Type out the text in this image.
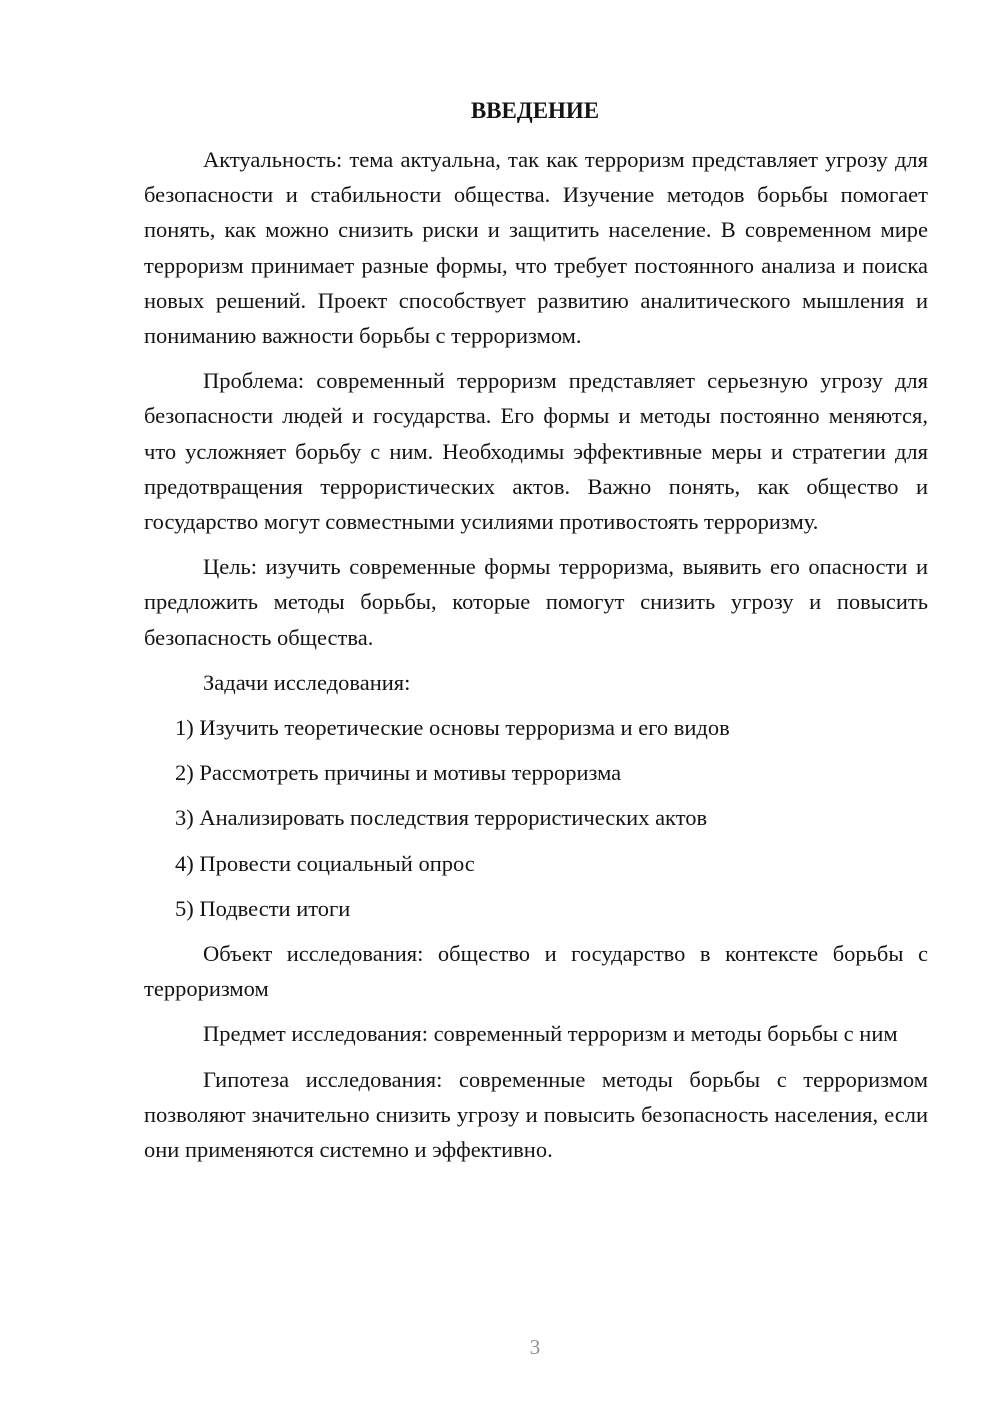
ВВЕДЕНИЕ

Актуальность: тема актуальна, так как терроризм представляет угрозу для безопасности и стабильности общества. Изучение методов борьбы помогает понять, как можно снизить риски и защитить население. В современном мире терроризм принимает разные формы, что требует постоянного анализа и поиска новых решений. Проект способствует развитию аналитического мышления и пониманию важности борьбы с терроризмом.

Проблема: современный терроризм представляет серьезную угрозу для безопасности людей и государства. Его формы и методы постоянно меняются, что усложняет борьбу с ним. Необходимы эффективные меры и стратегии для предотвращения террористических актов. Важно понять, как общество и государство могут совместными усилиями противостоять терроризму.

Цель: изучить современные формы терроризма, выявить его опасности и предложить методы борьбы, которые помогут снизить угрозу и повысить безопасность общества.

Задачи исследования:

1) Изучить теоретические основы терроризма и его видов
2) Рассмотреть причины и мотивы терроризма
3) Анализировать последствия террористических актов
4) Провести социальный опрос
5) Подвести итоги

Объект исследования: общество и государство в контексте борьбы с терроризмом

Предмет исследования: современный терроризм и методы борьбы с ним

Гипотеза исследования: современные методы борьбы с терроризмом позволяют значительно снизить угрозу и повысить безопасность населения, если они применяются системно и эффективно.

3
